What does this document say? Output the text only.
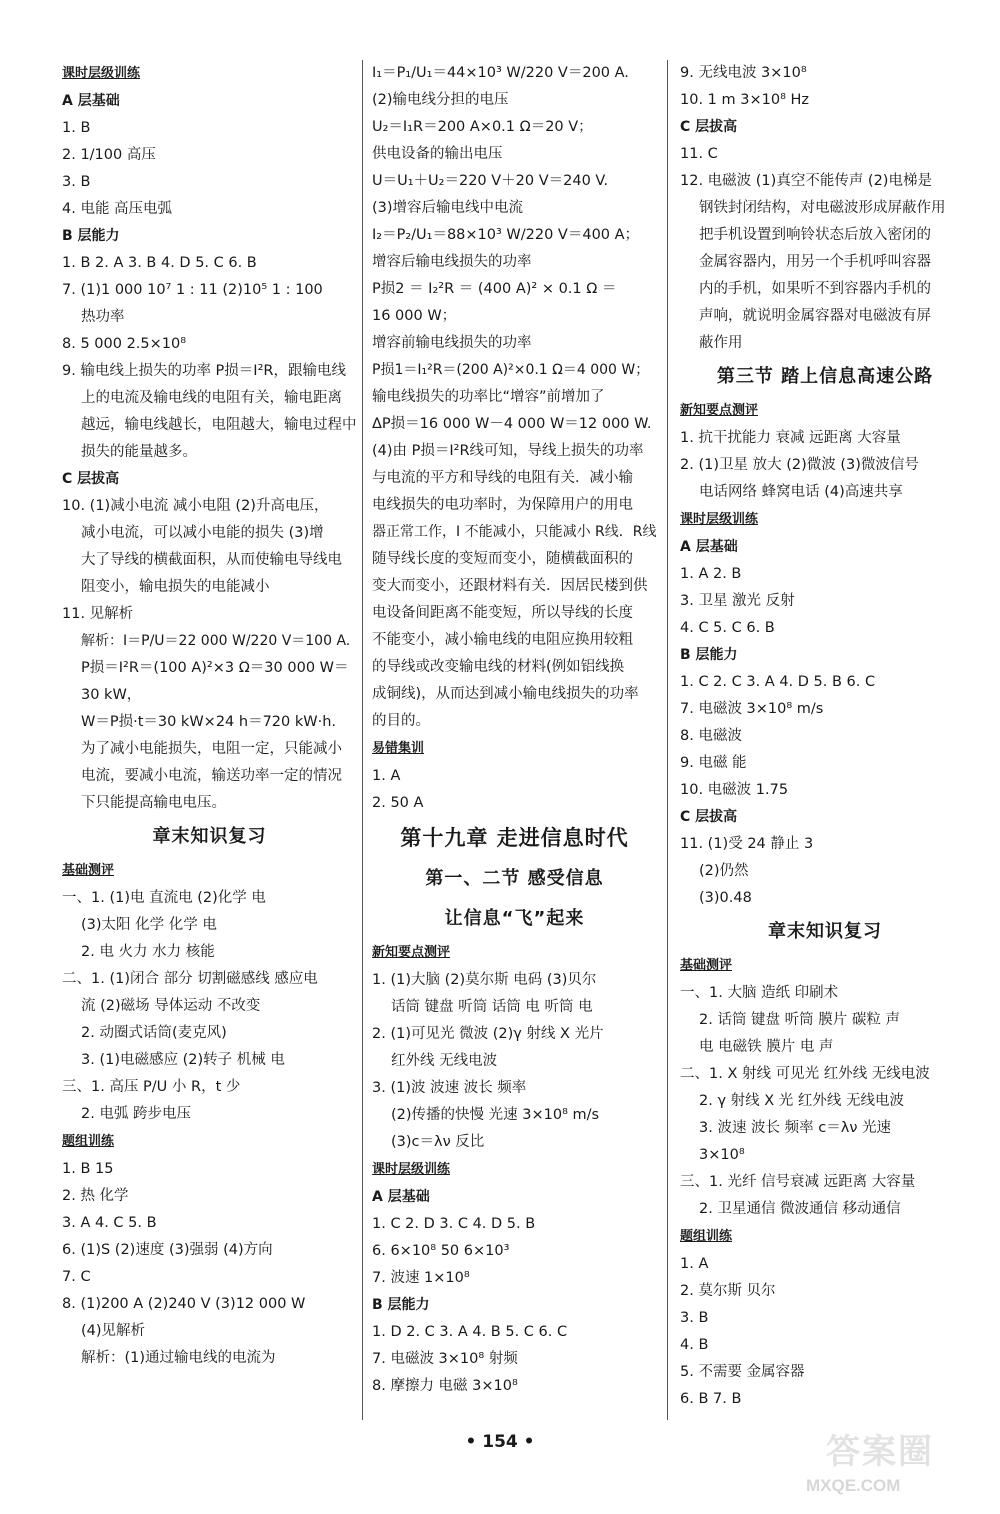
课时层级训练
A 层基础
1. B
2. 1/100 高压
3. B
4. 电能 高压电弧
B 层能力
1. B 2. A 3. B 4. D 5. C 6. B
7. (1)1 000 10⁷ 1 : 11 (2)10⁵ 1 : 100
热功率
8. 5 000 2.5×10⁸
9. 输电线上损失的功率 P损＝I²R，跟输电线
上的电流及输电线的电阻有关，输电距离
越远，输电线越长，电阻越大，输电过程中
损失的能量越多。
C 层拔高
10. (1)减小电流 减小电阻 (2)升高电压，
减小电流，可以减小电能的损失 (3)增
大了导线的横截面积，从而使输电导线电
阻变小，输电损失的电能减小
11. 见解析
解析：I＝P/U＝22 000 W/220 V＝100 A.
P损＝I²R＝(100 A)²×3 Ω＝30 000 W＝
30 kW，
W＝P损·t＝30 kW×24 h＝720 kW·h.
为了减小电能损失，电阻一定，只能减小
电流，要减小电流，输送功率一定的情况
下只能提高输电电压。
章末知识复习
基础测评
一、1. (1)电 直流电 (2)化学 电
(3)太阳 化学 化学 电
2. 电 火力 水力 核能
二、1. (1)闭合 部分 切割磁感线 感应电
流 (2)磁场 导体运动 不改变
2. 动圈式话筒(麦克风)
3. (1)电磁感应 (2)转子 机械 电
三、1. 高压 P/U 小 R，t 少
2. 电弧 跨步电压
题组训练
1. B 15
2. 热 化学
3. A 4. C 5. B
6. (1)S (2)速度 (3)强弱 (4)方向
7. C
8. (1)200 A (2)240 V (3)12 000 W
(4)见解析
解析：(1)通过输电线的电流为
I₁＝P₁/U₁＝44×10³ W/220 V＝200 A.
(2)输电线分担的电压
U₂＝I₁R＝200 A×0.1 Ω＝20 V；
供电设备的输出电压
U＝U₁＋U₂＝220 V＋20 V＝240 V.
(3)增容后输电线中电流
I₂＝P₂/U₁＝88×10³ W/220 V＝400 A；
增容后输电线损失的功率
P损2 ＝ I₂²R ＝ (400 A)² × 0.1 Ω ＝
16 000 W；
增容前输电线损失的功率
P损1＝I₁²R＝(200 A)²×0.1 Ω＝4 000 W；
输电线损失的功率比“增容”前增加了
ΔP损＝16 000 W－4 000 W＝12 000 W.
(4)由 P损＝I²R线可知，导线上损失的功率
与电流的平方和导线的电阻有关．减小输
电线损失的电功率时，为保障用户的用电
器正常工作，I 不能减小，只能减小 R线．R线
随导线长度的变短而变小，随横截面积的
变大而变小，还跟材料有关．因居民楼到供
电设备间距离不能变短，所以导线的长度
不能变小，减小输电线的电阻应换用较粗
的导线或改变输电线的材料(例如铝线换
成铜线)，从而达到减小输电线损失的功率
的目的。
易错集训
1. A
2. 50 A
第十九章 走进信息时代
第一、二节 感受信息
让信息“飞”起来
新知要点测评
1. (1)大脑 (2)莫尔斯 电码 (3)贝尔
话筒 键盘 听筒 话筒 电 听筒 电
2. (1)可见光 微波 (2)γ 射线 X 光片
红外线 无线电波
3. (1)波 波速 波长 频率
(2)传播的快慢 光速 3×10⁸ m/s
(3)c＝λν 反比
课时层级训练
A 层基础
1. C 2. D 3. C 4. D 5. B
6. 6×10⁸ 50 6×10³
7. 波速 1×10⁸
B 层能力
1. D 2. C 3. A 4. B 5. C 6. C
7. 电磁波 3×10⁸ 射频
8. 摩擦力 电磁 3×10⁸
9. 无线电波 3×10⁸
10. 1 m 3×10⁸ Hz
C 层拔高
11. C
12. 电磁波 (1)真空不能传声 (2)电梯是
钢铁封闭结构，对电磁波形成屏蔽作用
把手机设置到响铃状态后放入密闭的
金属容器内，用另一个手机呼叫容器
内的手机，如果听不到容器内手机的
声响，就说明金属容器对电磁波有屏
蔽作用
第三节 踏上信息高速公路
新知要点测评
1. 抗干扰能力 衰减 远距离 大容量
2. (1)卫星 放大 (2)微波 (3)微波信号
电话网络 蜂窝电话 (4)高速共享
课时层级训练
A 层基础
1. A 2. B
3. 卫星 激光 反射
4. C 5. C 6. B
B 层能力
1. C 2. C 3. A 4. D 5. B 6. C
7. 电磁波 3×10⁸ m/s
8. 电磁波
9. 电磁 能
10. 电磁波 1.75
C 层拔高
11. (1)受 24 静止 3
(2)仍然
(3)0.48
章末知识复习
基础测评
一、1. 大脑 造纸 印刷术
2. 话筒 键盘 听筒 膜片 碳粒 声
电 电磁铁 膜片 电 声
二、1. X 射线 可见光 红外线 无线电波
2. γ 射线 X 光 红外线 无线电波
3. 波速 波长 频率 c＝λν 光速
3×10⁸
三、1. 光纤 信号衰减 远距离 大容量
2. 卫星通信 微波通信 移动通信
题组训练
1. A
2. 莫尔斯 贝尔
3. B
4. B
5. 不需要 金属容器
6. B 7. B
• 154 •	答案圈
MXQE.COM
